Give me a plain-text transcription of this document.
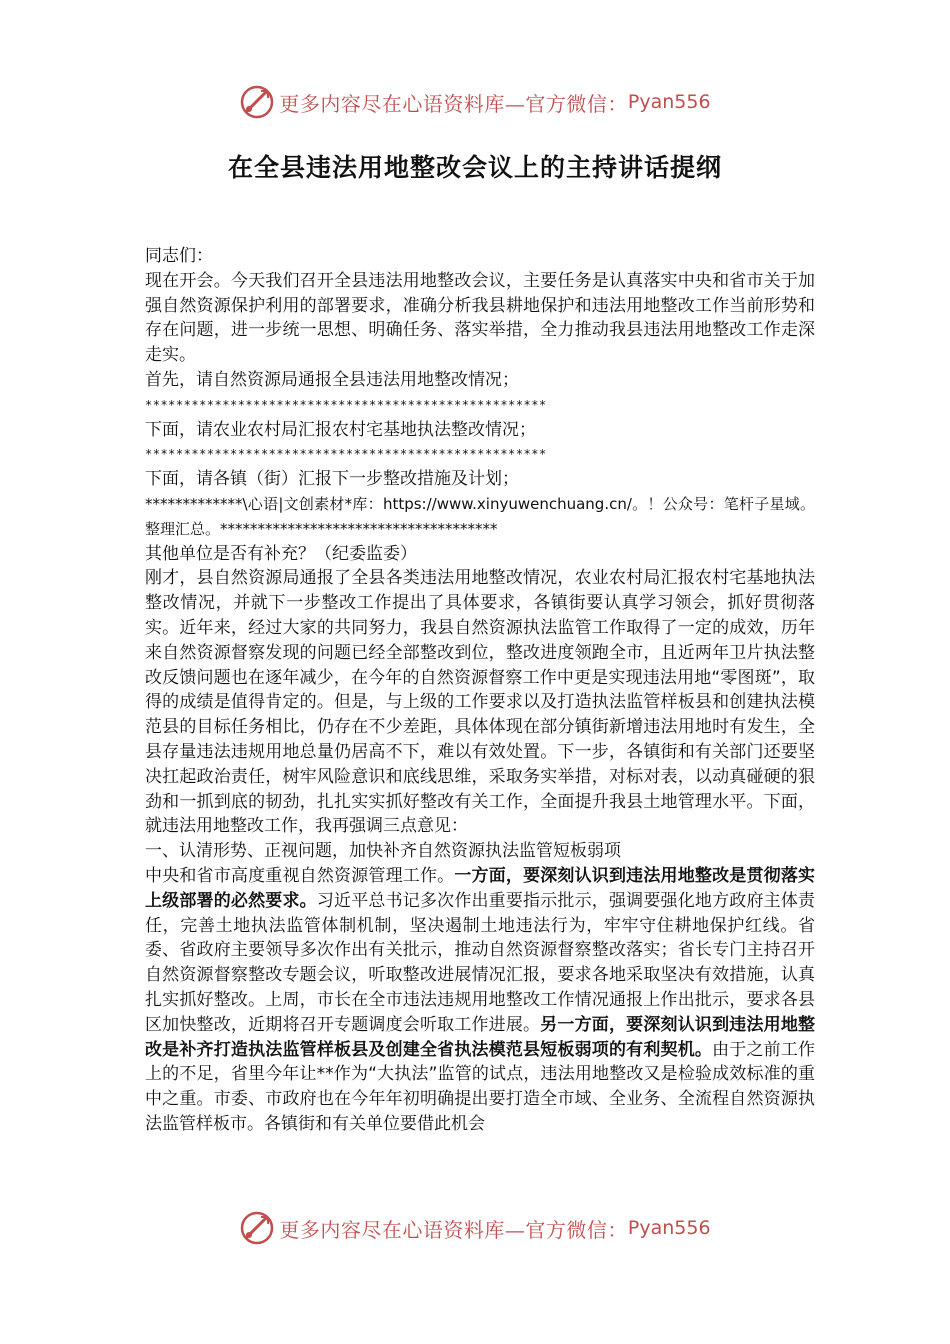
更多内容尽在心语资料库—官方微信： Pyan556
在全县违法用地整改会议上的主持讲话提纲

同志们：

现在开会。今天我们召开全县违法用地整改会议，主要任务是认真落实中央和省市关于加强自然资源保护利用的部署要求，准确分析我县耕地保护和违法用地整改工作当前形势和存在问题，进一步统一思想、明确任务、落实举措，全力推动我县违法用地整改工作走深走实。

首先，请自然资源局通报全县违法用地整改情况；

****************************************************

下面，请农业农村局汇报农村宅基地执法整改情况；

****************************************************

下面，请各镇（街）汇报下一步整改措施及计划；

*************\心语|文创素材*库：https://www.xinyuwenchuang.cn/。！公众号：笔杆子星域。整理汇总。*************************************

其他单位是否有补充？（纪委监委）

刚才，县自然资源局通报了全县各类违法用地整改情况，农业农村局汇报农村宅基地执法整改情况，并就下一步整改工作提出了具体要求，各镇街要认真学习领会，抓好贯彻落实。近年来，经过大家的共同努力，我县自然资源执法监管工作取得了一定的成效，历年来自然资源督察发现的问题已经全部整改到位，整改进度领跑全市，且近两年卫片执法整改反馈问题也在逐年减少，在今年的自然资源督察工作中更是实现违法用地“零图斑”，取得的成绩是值得肯定的。但是，与上级的工作要求以及打造执法监管样板县和创建执法模范县的目标任务相比，仍存在不少差距，具体体现在部分镇街新增违法用地时有发生，全县存量违法违规用地总量仍居高不下，难以有效处置。下一步，各镇街和有关部门还要坚决扛起政治责任，树牢风险意识和底线思维，采取务实举措，对标对表，以动真碰硬的狠劲和一抓到底的韧劲，扎扎实实抓好整改有关工作，全面提升我县土地管理水平。下面，就违法用地整改工作，我再强调三点意见：

一、认清形势、正视问题，加快补齐自然资源执法监管短板弱项

中央和省市高度重视自然资源管理工作。一方面，要深刻认识到违法用地整改是贯彻落实上级部署的必然要求。习近平总书记多次作出重要指示批示，强调要强化地方政府主体责任，完善土地执法监管体制机制，坚决遏制土地违法行为，牢牢守住耕地保护红线。省委、省政府主要领导多次作出有关批示，推动自然资源督察整改落实；省长专门主持召开自然资源督察整改专题会议，听取整改进展情况汇报，要求各地采取坚决有效措施，认真扎实抓好整改。上周，市长在全市违法违规用地整改工作情况通报上作出批示，要求各县区加快整改，近期将召开专题调度会听取工作进展。另一方面，要深刻认识到违法用地整改是补齐打造执法监管样板县及创建全省执法模范县短板弱项的有利契机。由于之前工作上的不足，省里今年让**作为“大执法”监管的试点，违法用地整改又是检验成效标准的重中之重。市委、市政府也在今年年初明确提出要打造全市域、全业务、全流程自然资源执法监管样板市。各镇街和有关单位要借此机会

更多内容尽在心语资料库—官方微信： Pyan556
